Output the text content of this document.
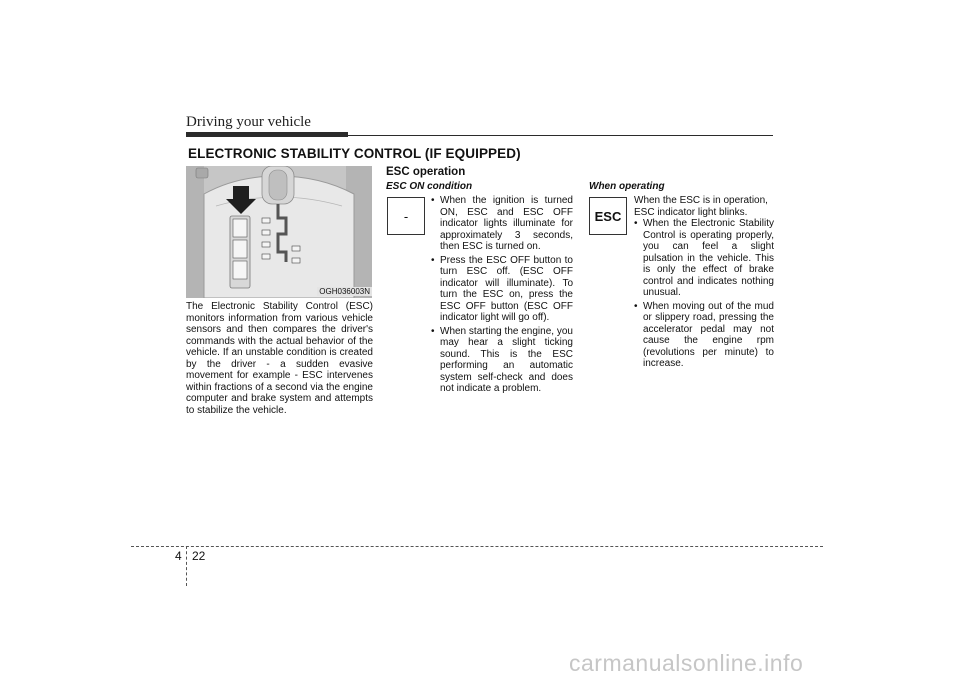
Driving your vehicle
ELECTRONIC STABILITY CONTROL (IF EQUIPPED)
OGH036003N

The Electronic Stability Control (ESC) monitors information from various vehicle sensors and then compares the driver's commands with the actual behavior of the vehicle. If an unstable condition is created by the driver - a sudden evasive movement for example - ESC intervenes within fractions of a second via the engine computer and brake system and attempts to stabilize the vehicle.

ESC operation
ESC ON condition
-
• When the ignition is turned ON, ESC and ESC OFF indicator lights illuminate for approximately 3 seconds, then ESC is turned on.
• Press the ESC OFF button to turn ESC off. (ESC OFF indicator will illuminate). To turn the ESC on, press the ESC OFF button (ESC OFF indicator light will go off).
• When starting the engine, you may hear a slight ticking sound. This is the ESC performing an automatic system self-check and does not indicate a problem.
When operating
ESC

When the ESC is in operation, ESC indicator light blinks.

• When the Electronic Stability Control is operating properly, you can feel a slight pulsation in the vehicle. This is only the effect of brake control and indicates nothing unusual.
• When moving out of the mud or slippery road, pressing the accelerator pedal may not cause the engine rpm (revolutions per minute) to increase.
4 22
carmanualsonline.info
